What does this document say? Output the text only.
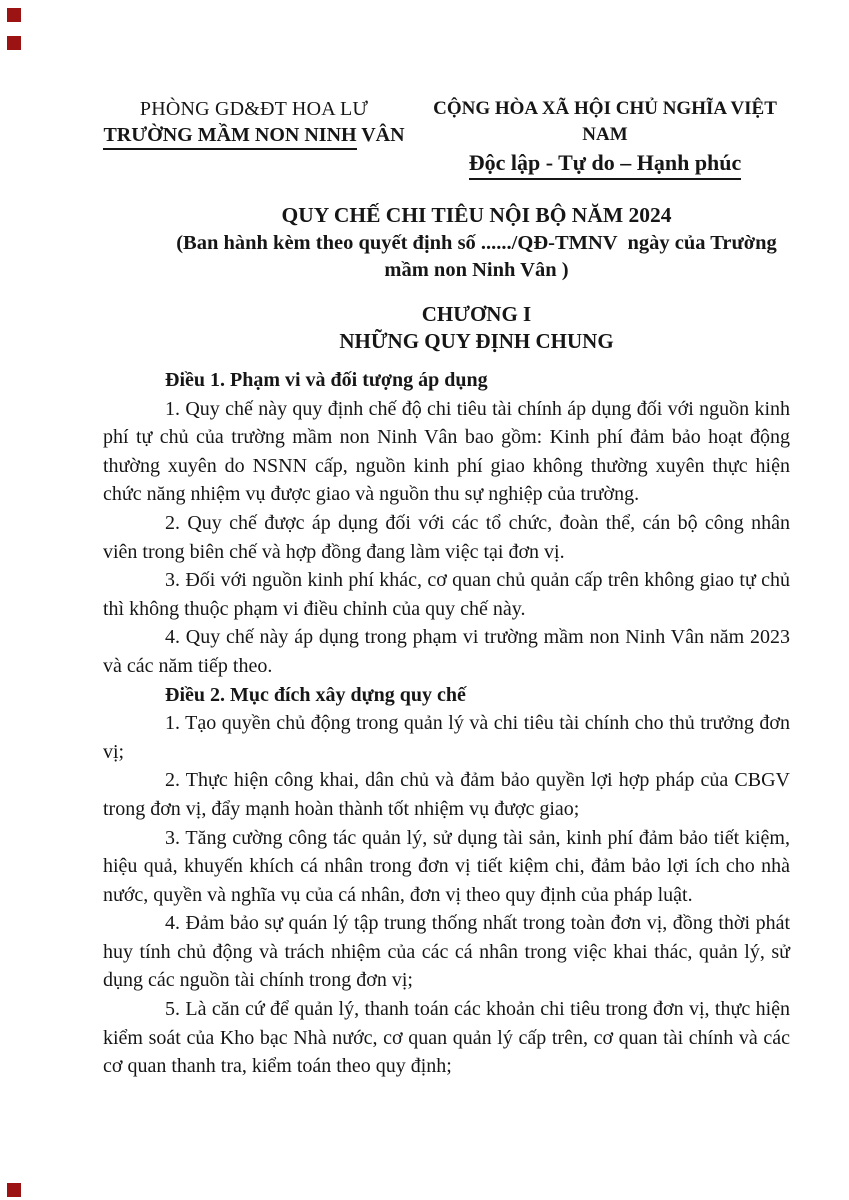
PHÒNG GD&ĐT HOA LƯ
TRƯỜNG MẦM NON NINH VÂN
CỘNG HÒA XÃ HỘI CHỦ NGHĨA VIỆT NAM
Độc lập - Tự do – Hạnh phúc
QUY CHẾ CHI TIÊU NỘI BỘ NĂM 2024
(Ban hành kèm theo quyết định số ....../QĐ-TMNV  ngày của Trường
mầm non Ninh Vân )
CHƯƠNG I
NHỮNG QUY ĐỊNH CHUNG
Điều 1. Phạm vi và đối tượng áp dụng

1. Quy chế này quy định chế độ chi tiêu tài chính áp dụng đối với nguồn kinh phí tự chủ của trường mầm non Ninh Vân bao gồm: Kinh phí đảm bảo hoạt động thường xuyên do NSNN cấp, nguồn kinh phí giao không thường xuyên thực hiện chức năng nhiệm vụ được giao và nguồn thu sự nghiệp của trường.

2. Quy chế được áp dụng đối với các tổ chức, đoàn thể, cán bộ công nhân viên trong biên chế và hợp đồng đang làm việc tại đơn vị.

3. Đối với nguồn kinh phí khác, cơ quan chủ quản cấp trên không giao tự chủ thì không thuộc phạm vi điều chỉnh của quy chế này.

4. Quy chế này áp dụng trong phạm vi trường mầm non Ninh Vân năm 2023 và các năm tiếp theo.

Điều 2. Mục đích xây dựng quy chế

1. Tạo quyền chủ động trong quản lý và chi tiêu tài chính cho thủ trưởng đơn vị;

2. Thực hiện công khai, dân chủ và đảm bảo quyền lợi hợp pháp của CBGV trong đơn vị, đẩy mạnh hoàn thành tốt nhiệm vụ được giao;

3. Tăng cường công tác quản lý, sử dụng tài sản, kinh phí đảm bảo tiết kiệm, hiệu quả, khuyến khích cá nhân trong đơn vị tiết kiệm chi, đảm bảo lợi ích cho nhà nước, quyền và nghĩa vụ của cá nhân, đơn vị theo quy định của pháp luật.

4. Đảm bảo sự quán lý tập trung thống nhất trong toàn đơn vị, đồng thời phát huy tính chủ động và trách nhiệm của các cá nhân trong việc khai thác, quản lý, sử dụng các nguồn tài chính trong đơn vị;

5. Là căn cứ để quản lý, thanh toán các khoản chi tiêu trong đơn vị, thực hiện kiểm soát của Kho bạc Nhà nước, cơ quan quản lý cấp trên, cơ quan tài chính và các cơ quan thanh tra, kiểm toán theo quy định;
